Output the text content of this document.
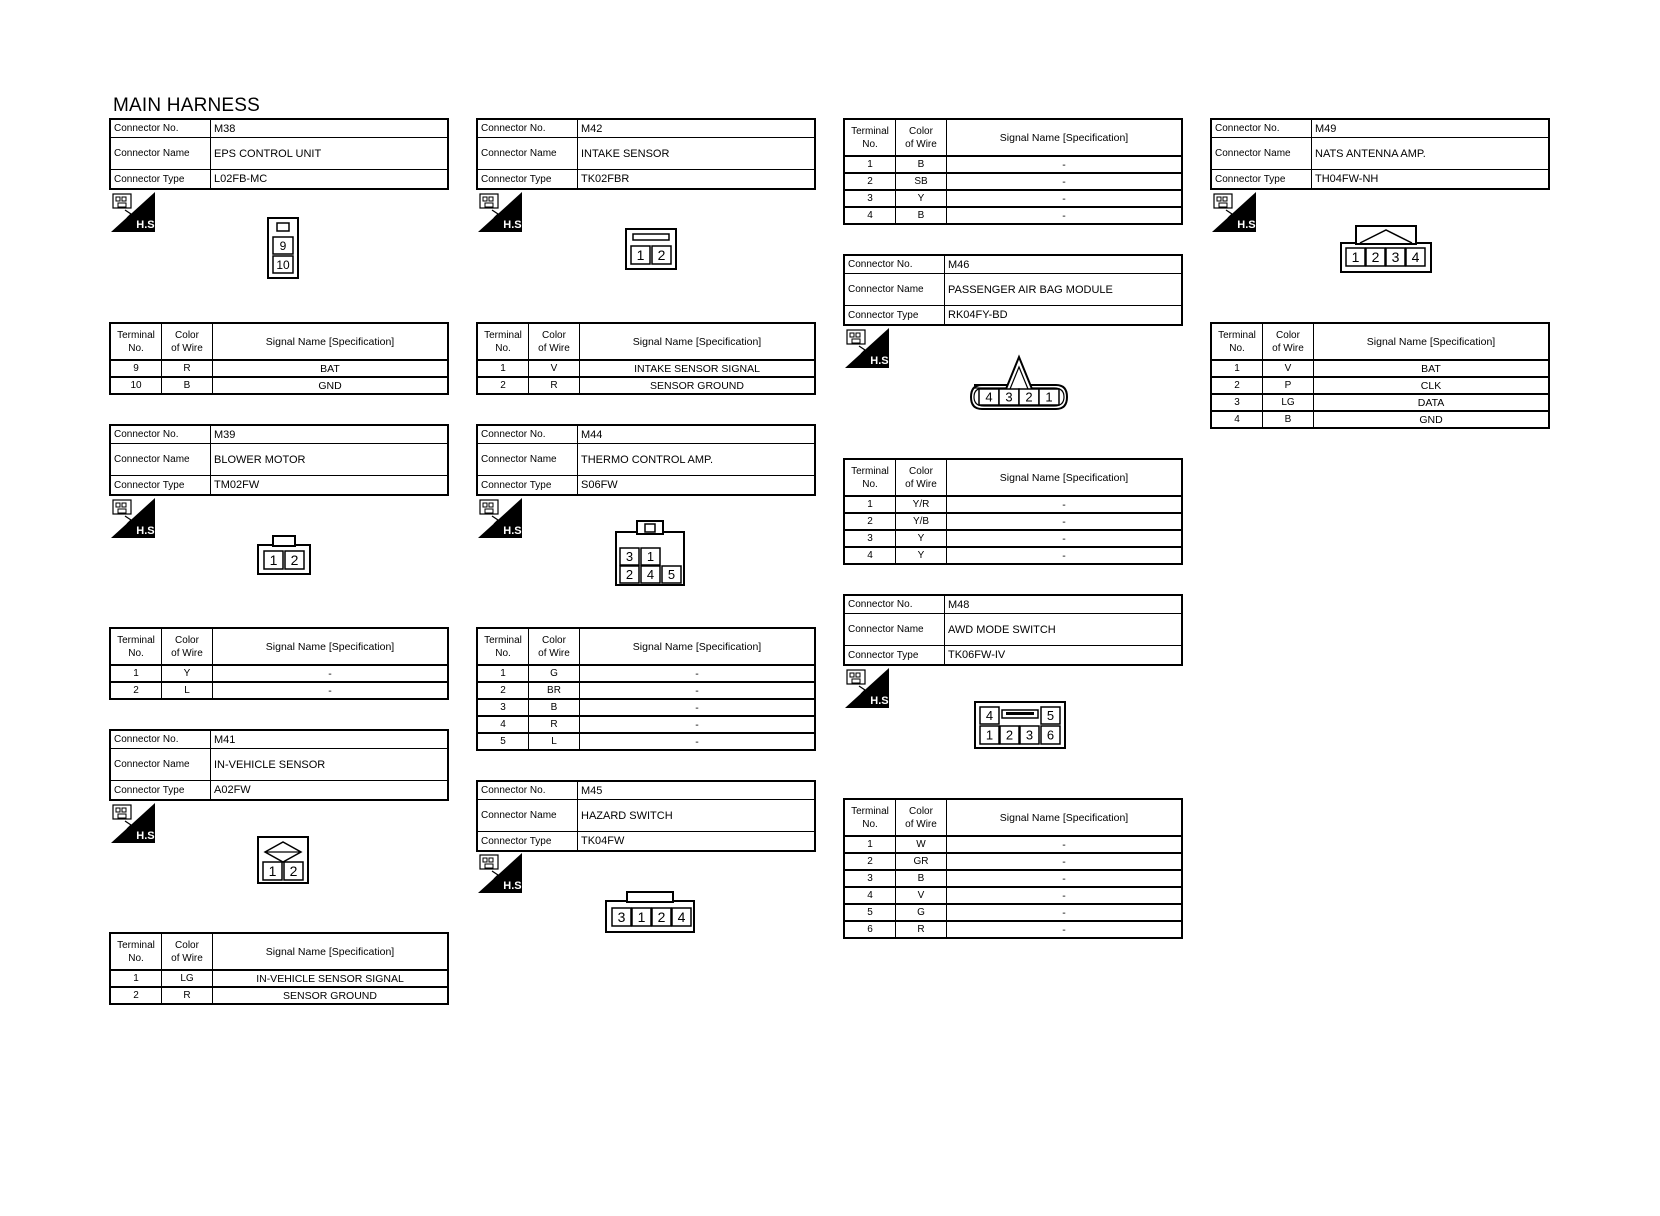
MAIN HARNESS
Connector No.	M38
Connector Name	EPS CONTROL UNIT
Connector Type	L02FB-MC
H.S.
9
10
Terminal
No.
Color
of Wire
Signal Name [Specification]
9	R	BAT
10	B	GND
Connector No.	M39
Connector Name	BLOWER MOTOR
Connector Type	TM02FW
H.S.
1 2
Terminal
No.
Color
of Wire
Signal Name [Specification]
1	Y	-
2	L	-
Connector No.	M41
Connector Name	IN-VEHICLE SENSOR
Connector Type	A02FW
H.S.
1 2
Terminal
No.
Color
of Wire
Signal Name [Specification]
1	LG	IN-VEHICLE SENSOR SIGNAL
2	R	SENSOR GROUND
Connector No.	M42
Connector Name	INTAKE SENSOR
Connector Type	TK02FBR
H.S.
1 2
Terminal
No.
Color
of Wire
Signal Name [Specification]
1	V	INTAKE SENSOR SIGNAL
2	R	SENSOR GROUND
Connector No.	M44
Connector Name	THERMO CONTROL AMP.
Connector Type	S06FW
H.S.
3 1
2 4 5
Terminal
No.
Color
of Wire
Signal Name [Specification]
1	G	-
2	BR	-
3	B	-
4	R	-
5	L	-
Connector No.	M45
Connector Name	HAZARD SWITCH
Connector Type	TK04FW
H.S.
3 1 2 4
Terminal
No.
Color
of Wire
Signal Name [Specification]
1	B	-
2	SB	-
3	Y	-
4	B	-
Connector No.	M46
Connector Name	PASSENGER AIR BAG MODULE
Connector Type	RK04FY-BD
H.S.
4 3 2 1
Terminal
No.
Color
of Wire
Signal Name [Specification]
1	Y/R	-
2	Y/B	-
3	Y	-
4	Y	-
Connector No.	M48
Connector Name	AWD MODE SWITCH
Connector Type	TK06FW-IV
H.S.
4	5
1 2 3 6
Terminal
No.
Color
of Wire
Signal Name [Specification]
1	W	-
2	GR	-
3	B	-
4	V	-
5	G	-
6	R	-
Connector No.	M49
Connector Name	NATS ANTENNA AMP.
Connector Type	TH04FW-NH
H.S.
1 2 3 4
Terminal
No.
Color
of Wire
Signal Name [Specification]
1	V	BAT
2	P	CLK
3	LG	DATA
4	B	GND
